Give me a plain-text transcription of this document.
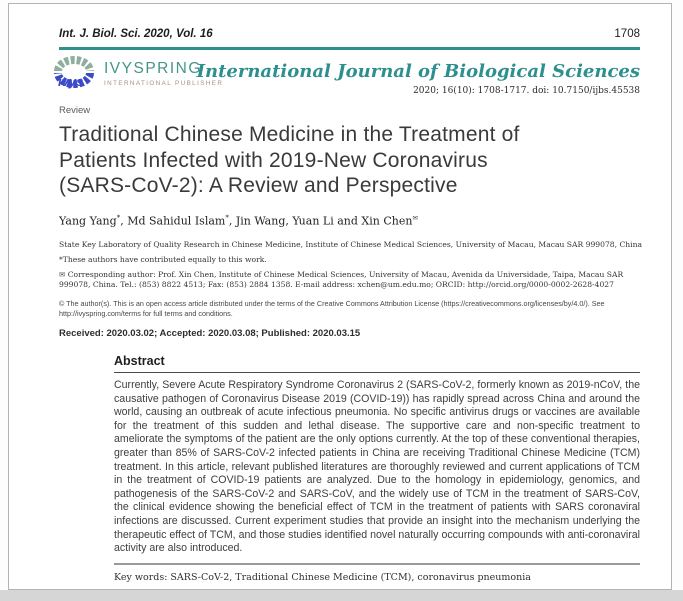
Int. J. Biol. Sci. 2020, Vol. 16	1708
ivys
IVYSPRING
INTERNATIONAL PUBLISHER
International Journal of Biological Sciences
2020; 16(10): 1708-1717. doi: 10.7150/ijbs.45538
Review
Traditional Chinese Medicine in the Treatment of
Patients Infected with 2019-New Coronavirus
(SARS-CoV-2): A Review and Perspective
Yang Yang*, Md Sahidul Islam*, Jin Wang, Yuan Li and Xin Chen✉
State Key Laboratory of Quality Research in Chinese Medicine, Institute of Chinese Medical Sciences, University of Macau, Macau SAR 999078, China
*These authors have contributed equally to this work.
✉ Corresponding author: Prof. Xin Chen, Institute of Chinese Medical Sciences, University of Macau, Avenida da Universidade, Taipa, Macau SAR 999078, China. Tel.: (853) 8822 4513; Fax: (853) 2884 1358. E-mail address: xchen@um.edu.mo; ORCID: http://orcid.org/0000-0002-2628-4027
© The author(s). This is an open access article distributed under the terms of the Creative Commons Attribution License (https://creativecommons.org/licenses/by/4.0/). See http://ivyspring.com/terms for full terms and conditions.
Received: 2020.03.02; Accepted: 2020.03.08; Published: 2020.03.15
Abstract
Currently, Severe Acute Respiratory Syndrome Coronavirus 2 (SARS-CoV-2, formerly known as 2019-nCoV, the causative pathogen of Coronavirus Disease 2019 (COVID-19)) has rapidly spread across China and around the world, causing an outbreak of acute infectious pneumonia. No specific antivirus drugs or vaccines are available for the treatment of this sudden and lethal disease. The supportive care and non-specific treatment to ameliorate the symptoms of the patient are the only options currently. At the top of these conventional therapies, greater than 85% of SARS-CoV-2 infected patients in China are receiving Traditional Chinese Medicine (TCM) treatment. In this article, relevant published literatures are thoroughly reviewed and current applications of TCM in the treatment of COVID-19 patients are analyzed. Due to the homology in epidemiology, genomics, and pathogenesis of the SARS-CoV-2 and SARS-CoV, and the widely use of TCM in the treatment of SARS-CoV, the clinical evidence showing the beneficial effect of TCM in the treatment of patients with SARS coronaviral infections are discussed. Current experiment studies that provide an insight into the mechanism underlying the therapeutic effect of TCM, and those studies identified novel naturally occurring compounds with anti-coronaviral activity are also introduced.
Key words: SARS-CoV-2, Traditional Chinese Medicine (TCM), coronavirus pneumonia
